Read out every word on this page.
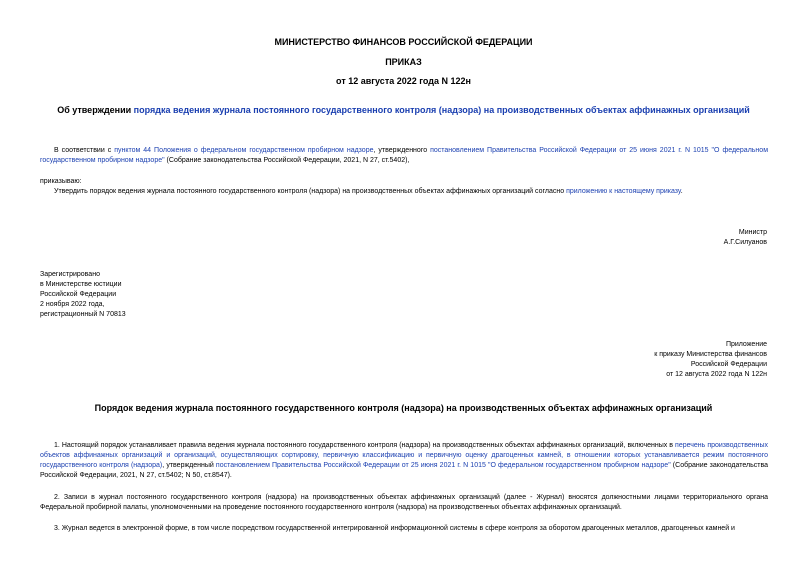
МИНИСТЕРСТВО ФИНАНСОВ РОССИЙСКОЙ ФЕДЕРАЦИИ
ПРИКАЗ
от 12 августа 2022 года N 122н
Об утверждении порядка ведения журнала постоянного государственного контроля (надзора) на производственных объектах аффинажных организаций
В соответствии с пунктом 44 Положения о федеральном государственном пробирном надзоре, утвержденного постановлением Правительства Российской Федерации от 25 июня 2021 г. N 1015 "О федеральном государственном пробирном надзоре" (Собрание законодательства Российской Федерации, 2021, N 27, ст.5402),
приказываю:
Утвердить порядок ведения журнала постоянного государственного контроля (надзора) на производственных объектах аффинажных организаций согласно приложению к настоящему приказу.
Министр
А.Г.Силуанов
Зарегистрировано
в Министерстве юстиции
Российской Федерации
2 ноября 2022 года,
регистрационный N 70813
Приложение
к приказу Министерства финансов
Российской Федерации
от 12 августа 2022 года N 122н
Порядок ведения журнала постоянного государственного контроля (надзора) на производственных объектах аффинажных организаций
1. Настоящий порядок устанавливает правила ведения журнала постоянного государственного контроля (надзора) на производственных объектах аффинажных организаций, включенных в перечень производственных объектов аффинажных организаций и организаций, осуществляющих сортировку, первичную классификацию и первичную оценку драгоценных камней, в отношении которых устанавливается режим постоянного государственного контроля (надзора), утвержденный постановлением Правительства Российской Федерации от 25 июня 2021 г. N 1015 "О федеральном государственном пробирном надзоре" (Собрание законодательства Российской Федерации, 2021, N 27, ст.5402; N 50, ст.8547).
2. Записи в журнал постоянного государственного контроля (надзора) на производственных объектах аффинажных организаций (далее - Журнал) вносятся должностными лицами территориального органа Федеральной пробирной палаты, уполномоченными на проведение постоянного государственного контроля (надзора) на производственных объектах аффинажных организаций.
3. Журнал ведется в электронной форме, в том числе посредством государственной интегрированной информационной системы в сфере контроля за оборотом драгоценных металлов, драгоценных камней и
